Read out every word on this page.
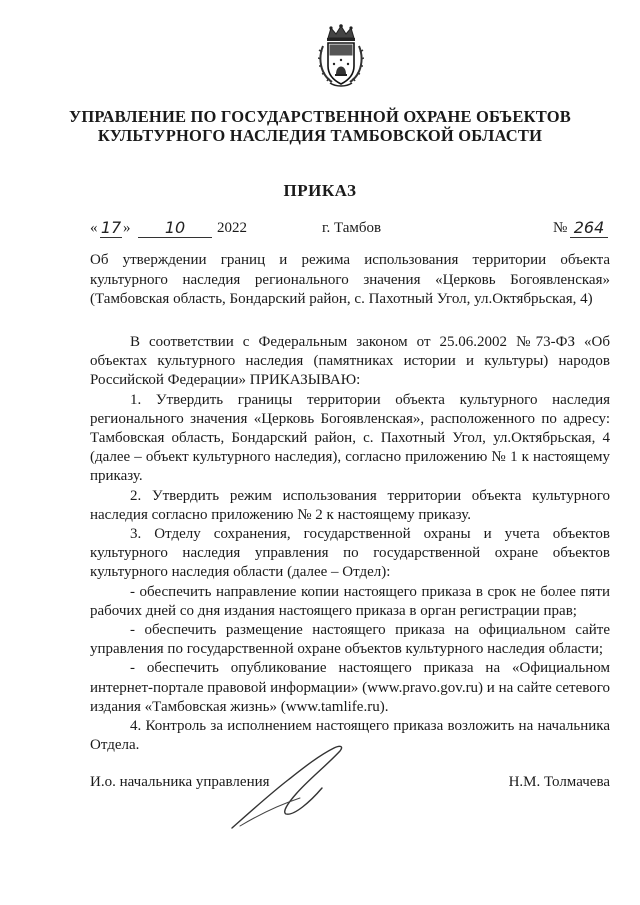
УПРАВЛЕНИЕ ПО ГОСУДАРСТВЕННОЙ ОХРАНЕ ОБЪЕКТОВ
КУЛЬТУРНОГО НАСЛЕДИЯ ТАМБОВСКОЙ ОБЛАСТИ
ПРИКАЗ
« 17 »	10	2022	г. Тамбов	№ 264
Об утверждении границ и режима использования территории объекта культурного наследия регионального значения «Церковь Богоявленская» (Тамбовская область, Бондарский район, с. Пахотный Угол, ул.Октябрьская, 4)

В соответствии с Федеральным законом от 25.06.2002 №73-ФЗ «Об объектах культурного наследия (памятниках истории и культуры) народов Российской Федерации» ПРИКАЗЫВАЮ:

1. Утвердить границы территории объекта культурного наследия регионального значения «Церковь Богоявленская», расположенного по адресу: Тамбовская область, Бондарский район, с. Пахотный Угол, ул.Октябрьская, 4 (далее – объект культурного наследия), согласно приложению № 1 к настоящему приказу.

2. Утвердить режим использования территории объекта культурного наследия согласно приложению № 2 к настоящему приказу.

3. Отделу сохранения, государственной охраны и учета объектов культурного наследия управления по государственной охране объектов культурного наследия области (далее – Отдел):

- обеспечить направление копии настоящего приказа в срок не более пяти рабочих дней со дня издания настоящего приказа в орган регистрации прав;

- обеспечить размещение настоящего приказа на официальном сайте управления по государственной охране объектов культурного наследия области;

- обеспечить опубликование настоящего приказа на «Официальном интернет-портале правовой информации» (www.pravo.gov.ru) и на сайте сетевого издания «Тамбовская жизнь» (www.tamlife.ru).

4. Контроль за исполнением настоящего приказа возложить на начальника Отдела.

И.о. начальника управления	Н.М. Толмачева
